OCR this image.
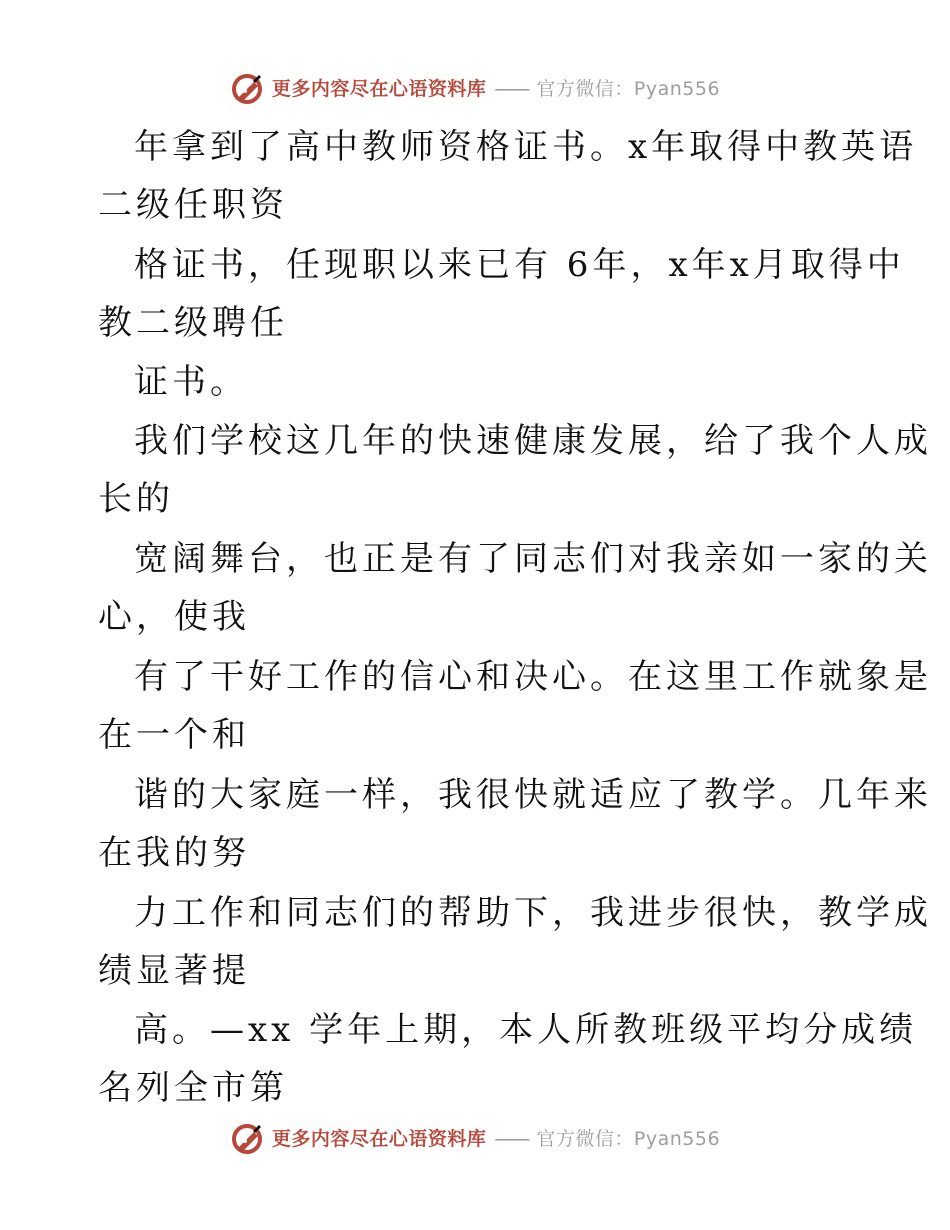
更多内容尽在心语资料库 —— 官方微信：Pyan556
年拿到了高中教师资格证书。x年取得中教英语
二级任职资
格证书，任现职以来已有 6年，x年x月取得中
教二级聘任
证书。
我们学校这几年的快速健康发展，给了我个人成
长的
宽阔舞台，也正是有了同志们对我亲如一家的关
心，使我
有了干好工作的信心和决心。在这里工作就象是
在一个和
谐的大家庭一样，我很快就适应了教学。几年来
在我的努
力工作和同志们的帮助下，我进步很快，教学成
绩显著提
高。—xx 学年上期，本人所教班级平均分成绩
名列全市第
更多内容尽在心语资料库 —— 官方微信：Pyan556
